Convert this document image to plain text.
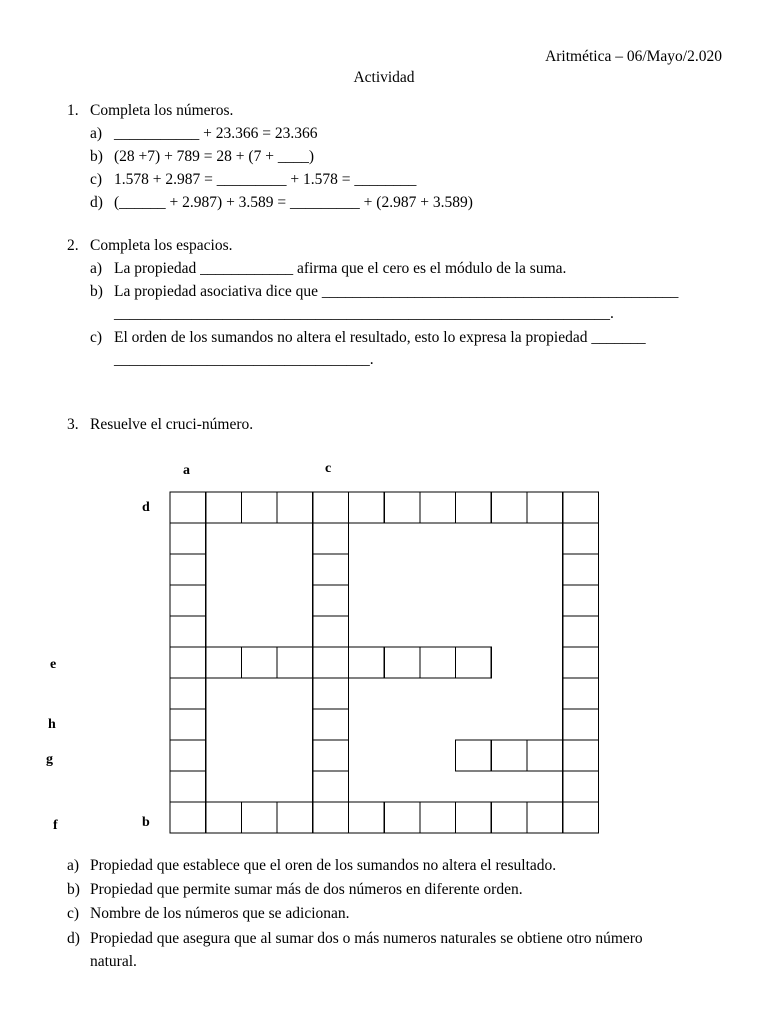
Aritmética – 06/Mayo/2.020
Actividad
1. Completa los números.
a) ___________ + 23.366 = 23.366
b) (28 +7) + 789 = 28 + (7 + ____)
c) 1.578 + 2.987 = _________ + 1.578 = ________
d) (______ + 2.987) + 3.589 = _________ + (2.987 + 3.589)
2. Completa los espacios.
a) La propiedad ____________ afirma que el cero es el módulo de la suma.
b) La propiedad asociativa dice que ______________________________________________
________________________________________________________________.
c) El orden de los sumandos no altera el resultado, esto lo expresa la propiedad _______
_________________________________.
3. Resuelve el cruci-número.
a	c
d
e
h
g
f	b
a) Propiedad que establece que el oren de los sumandos no altera el resultado.
b) Propiedad que permite sumar más de dos números en diferente orden.
c) Nombre de los números que se adicionan.
d) Propiedad que asegura que al sumar dos o más numeros naturales se obtiene otro número
natural.
